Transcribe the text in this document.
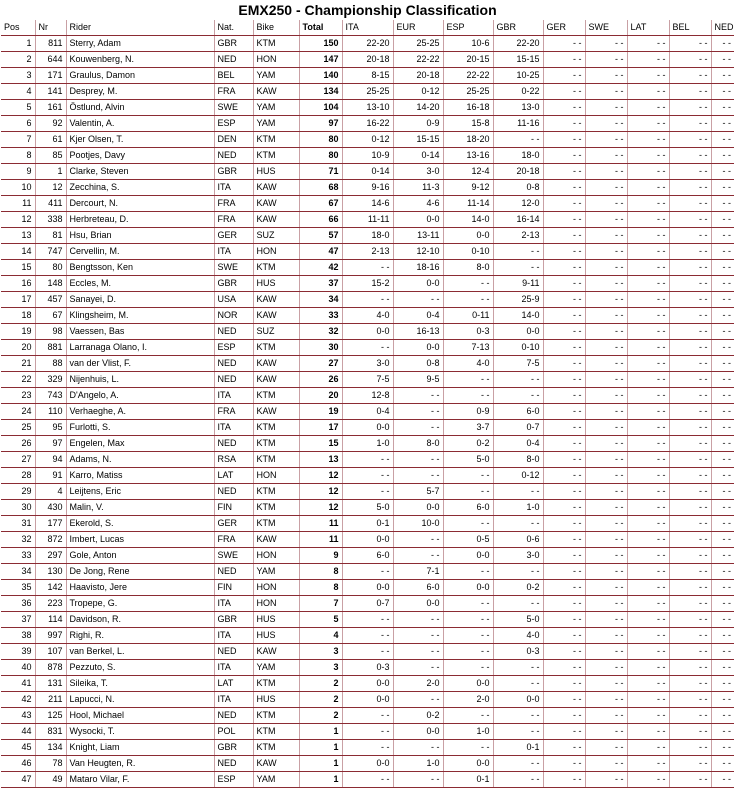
EMX250 - Championship Classification
Pos	Nr	Rider	Nat.	Bike	Total	ITA	EUR	ESP	GBR	GER	SWE	LAT	BEL	NED
1	811	Sterry, Adam	GBR	KTM	150	22-20	25-25	10-6	22-20	- -	- -	- -	- -	- -
2	644	Kouwenberg, N.	NED	HON	147	20-18	22-22	20-15	15-15	- -	- -	- -	- -	- -
3	171	Graulus, Damon	BEL	YAM	140	8-15	20-18	22-22	10-25	- -	- -	- -	- -	- -
4	141	Desprey, M.	FRA	KAW	134	25-25	0-12	25-25	0-22	- -	- -	- -	- -	- -
5	161	Östlund, Alvin	SWE	YAM	104	13-10	14-20	16-18	13-0	- -	- -	- -	- -	- -
6	92	Valentin, A.	ESP	YAM	97	16-22	0-9	15-8	11-16	- -	- -	- -	- -	- -
7	61	Kjer Olsen, T.	DEN	KTM	80	0-12	15-15	18-20	- -	- -	- -	- -	- -	- -
8	85	Pootjes, Davy	NED	KTM	80	10-9	0-14	13-16	18-0	- -	- -	- -	- -	- -
9	1	Clarke, Steven	GBR	HUS	71	0-14	3-0	12-4	20-18	- -	- -	- -	- -	- -
10	12	Zecchina, S.	ITA	KAW	68	9-16	11-3	9-12	0-8	- -	- -	- -	- -	- -
11	411	Dercourt, N.	FRA	KAW	67	14-6	4-6	11-14	12-0	- -	- -	- -	- -	- -
12	338	Herbreteau, D.	FRA	KAW	66	11-11	0-0	14-0	16-14	- -	- -	- -	- -	- -
13	81	Hsu, Brian	GER	SUZ	57	18-0	13-11	0-0	2-13	- -	- -	- -	- -	- -
14	747	Cervellin, M.	ITA	HON	47	2-13	12-10	0-10	- -	- -	- -	- -	- -	- -
15	80	Bengtsson, Ken	SWE	KTM	42	- -	18-16	8-0	- -	- -	- -	- -	- -	- -
16	148	Eccles, M.	GBR	HUS	37	15-2	0-0	- -	9-11	- -	- -	- -	- -	- -
17	457	Sanayei, D.	USA	KAW	34	- -	- -	- -	25-9	- -	- -	- -	- -	- -
18	67	Klingsheim, M.	NOR	KAW	33	4-0	0-4	0-11	14-0	- -	- -	- -	- -	- -
19	98	Vaessen, Bas	NED	SUZ	32	0-0	16-13	0-3	0-0	- -	- -	- -	- -	- -
20	881	Larranaga Olano, I.	ESP	KTM	30	- -	0-0	7-13	0-10	- -	- -	- -	- -	- -
21	88	van der Vlist, F.	NED	KAW	27	3-0	0-8	4-0	7-5	- -	- -	- -	- -	- -
22	329	Nijenhuis, L.	NED	KAW	26	7-5	9-5	- -	- -	- -	- -	- -	- -	- -
23	743	D'Angelo, A.	ITA	KTM	20	12-8	- -	- -	- -	- -	- -	- -	- -	- -
24	110	Verhaeghe, A.	FRA	KAW	19	0-4	- -	0-9	6-0	- -	- -	- -	- -	- -
25	95	Furlotti, S.	ITA	KTM	17	0-0	- -	3-7	0-7	- -	- -	- -	- -	- -
26	97	Engelen, Max	NED	KTM	15	1-0	8-0	0-2	0-4	- -	- -	- -	- -	- -
27	94	Adams, N.	RSA	KTM	13	- -	- -	5-0	8-0	- -	- -	- -	- -	- -
28	91	Karro, Matiss	LAT	HON	12	- -	- -	- -	0-12	- -	- -	- -	- -	- -
29	4	Leijtens, Eric	NED	KTM	12	- -	5-7	- -	- -	- -	- -	- -	- -	- -
30	430	Malin, V.	FIN	KTM	12	5-0	0-0	6-0	1-0	- -	- -	- -	- -	- -
31	177	Ekerold, S.	GER	KTM	11	0-1	10-0	- -	- -	- -	- -	- -	- -	- -
32	872	Imbert, Lucas	FRA	KAW	11	0-0	- -	0-5	0-6	- -	- -	- -	- -	- -
33	297	Gole, Anton	SWE	HON	9	6-0	- -	0-0	3-0	- -	- -	- -	- -	- -
34	130	De Jong, Rene	NED	YAM	8	- -	7-1	- -	- -	- -	- -	- -	- -	- -
35	142	Haavisto, Jere	FIN	HON	8	0-0	6-0	0-0	0-2	- -	- -	- -	- -	- -
36	223	Tropepe, G.	ITA	HON	7	0-7	0-0	- -	- -	- -	- -	- -	- -	- -
37	114	Davidson, R.	GBR	HUS	5	- -	- -	- -	5-0	- -	- -	- -	- -	- -
38	997	Righi, R.	ITA	HUS	4	- -	- -	- -	4-0	- -	- -	- -	- -	- -
39	107	van Berkel, L.	NED	KAW	3	- -	- -	- -	0-3	- -	- -	- -	- -	- -
40	878	Pezzuto, S.	ITA	YAM	3	0-3	- -	- -	- -	- -	- -	- -	- -	- -
41	131	Sileika, T.	LAT	KTM	2	0-0	2-0	0-0	- -	- -	- -	- -	- -	- -
42	211	Lapucci, N.	ITA	HUS	2	0-0	- -	2-0	0-0	- -	- -	- -	- -	- -
43	125	Hool, Michael	NED	KTM	2	- -	0-2	- -	- -	- -	- -	- -	- -	- -
44	831	Wysocki, T.	POL	KTM	1	- -	0-0	1-0	- -	- -	- -	- -	- -	- -
45	134	Knight, Liam	GBR	KTM	1	- -	- -	- -	0-1	- -	- -	- -	- -	- -
46	78	Van Heugten, R.	NED	KAW	1	0-0	1-0	0-0	- -	- -	- -	- -	- -	- -
47	49	Mataro Vilar, F.	ESP	YAM	1	- -	- -	0-1	- -	- -	- -	- -	- -	- -
